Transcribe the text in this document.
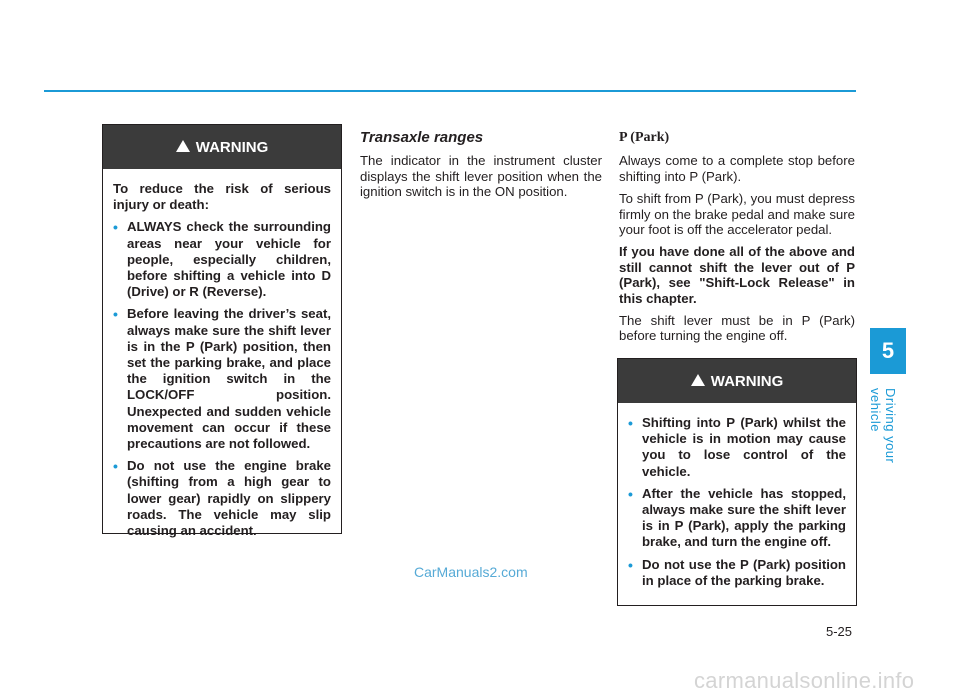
5
Driving your vehicle
WARNING

To reduce the risk of serious injury or death:

• ALWAYS check the surrounding areas near your vehicle for people, especially children, before shifting a vehicle into D (Drive) or R (Reverse).
• Before leaving the driver’s seat, always make sure the shift lever is in the P (Park) position, then set the parking brake, and place the ignition switch in the LOCK/OFF position. Unexpected and sudden vehicle movement can occur if these precautions are not followed.
• Do not use the engine brake (shifting from a high gear to lower gear) rapidly on slippery roads. The vehicle may slip causing an accident.
Transaxle ranges

The indicator in the instrument cluster displays the shift lever position when the ignition switch is in the ON position.

P (Park)

Always come to a complete stop before shifting into P (Park).

To shift from P (Park), you must depress firmly on the brake pedal and make sure your foot is off the accelerator pedal.

If you have done all of the above and still cannot shift the lever out of P (Park), see "Shift-Lock Release" in this chapter.

The shift lever must be in P (Park) before turning the engine off.

WARNING
• Shifting into P (Park) whilst the vehicle is in motion may cause you to lose control of the vehicle.
• After the vehicle has stopped, always make sure the shift lever is in P (Park), apply the parking brake, and turn the engine off.
• Do not use the P (Park) position in place of the parking brake.
CarManuals2.com
5-25
carmanualsonline.info
